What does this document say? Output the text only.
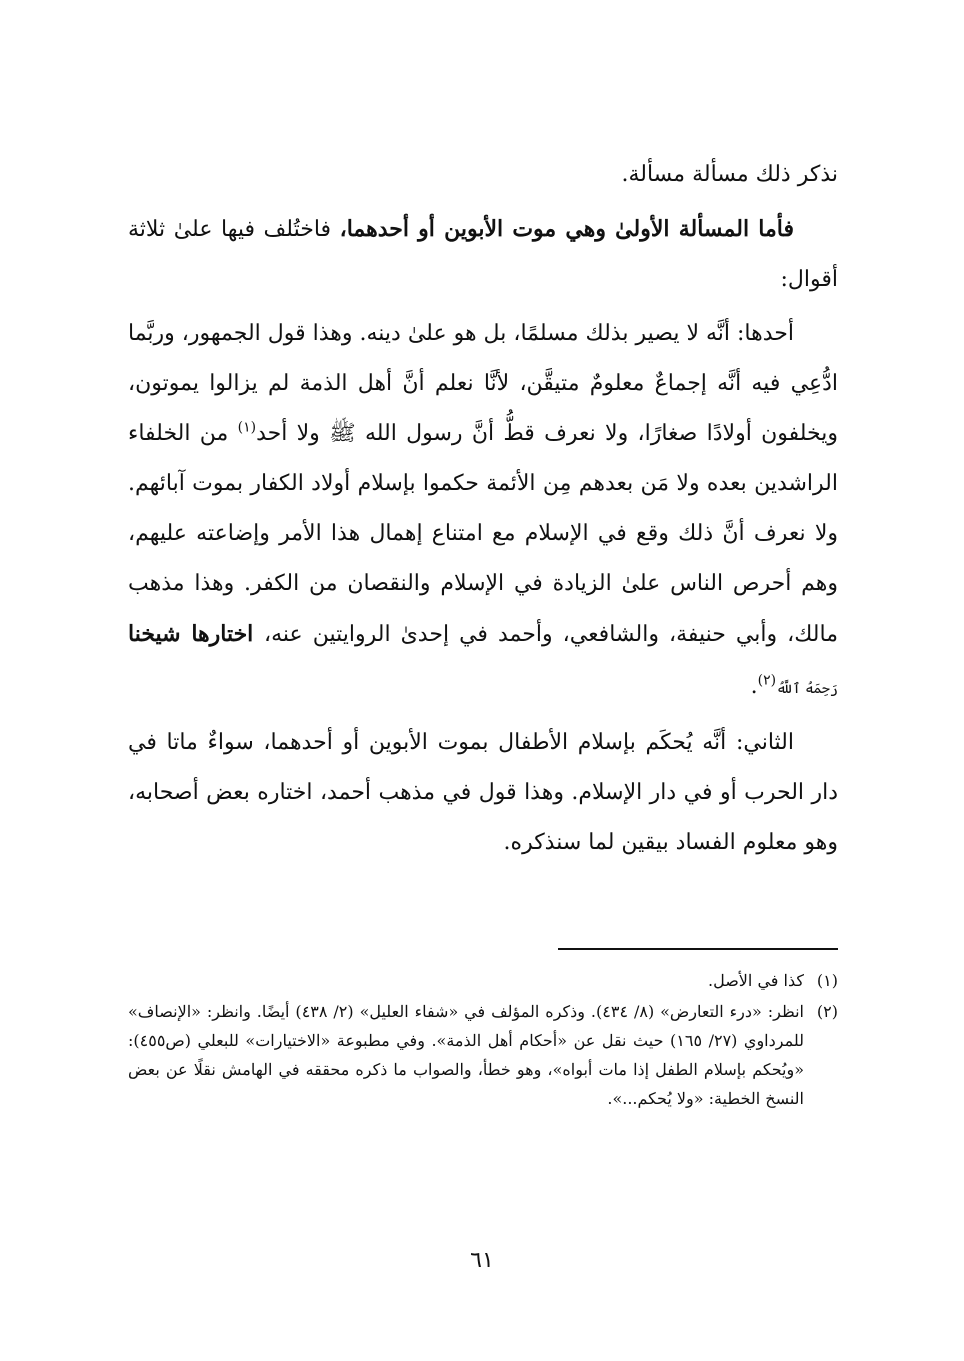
نذكر ذلك مسألة مسألة.

فأما المسألة الأولىٰ وهي موت الأبوين أو أحدهما، فاختُلف فيها علىٰ ثلاثة أقوال:

أحدها: أنَّه لا يصير بذلك مسلمًا، بل هو علىٰ دينه. وهذا قول الجمهور، وربَّما ادُّعِي فيه أنَّه إجماعٌ معلومٌ متيقَّن، لأنَّا نعلم أنَّ أهل الذمة لم يزالوا يموتون، ويخلفون أولادًا صغارًا، ولا نعرف قطُّ أنَّ رسول الله ﷺ ولا أحد$^{(١)}$ من الخلفاء الراشدين بعده ولا مَن بعدهم مِن الأئمة حكموا بإسلام أولاد الكفار بموت آبائهم. ولا نعرف أنَّ ذلك وقع في الإسلام مع امتناع إهمال هذا الأمر وإضاعته عليهم، وهم أحرص الناس علىٰ الزيادة في الإسلام والنقصان من الكفر. وهذا مذهب مالك، وأبي حنيفة، والشافعي، وأحمد في إحدىٰ الروايتين عنه، اختارها شيخنا رَحِمَهُ ٱللَّهُ$^{(٢)}$.

الثاني: أنَّه يُحكَم بإسلام الأطفال بموت الأبوين أو أحدهما، سواءٌ ماتا في دار الحرب أو في دار الإسلام. وهذا قول في مذهب أحمد، اختاره بعض أصحابه، وهو معلوم الفساد بيقين لما سنذكره.

(١)
كذا في الأصل.
(٢)
انظر: «درء التعارض» (٨/ ٤٣٤). وذكره المؤلف في «شفاء العليل» (٢/ ٤٣٨) أيضًا. وانظر: «الإنصاف» للمرداوي (٢٧/ ١٦٥) حيث نقل عن «أحكام أهل الذمة». وفي مطبوعة «الاختيارات» للبعلي (ص٤٥٥): «ويُحكم بإسلام الطفل إذا مات أبواه»، وهو خطأ، والصواب ما ذكره محققه في الهامش نقلًا عن بعض النسخ الخطية: «ولا يُحكم...».
٦١
